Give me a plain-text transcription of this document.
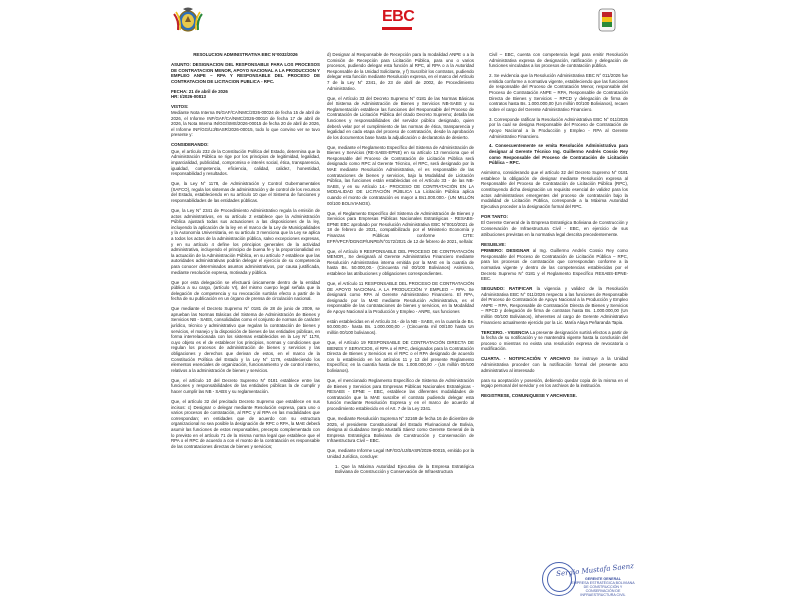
EBC

RESOLUCION ADMINISTRATIVA EBC N°0032/2026

ASUNTO: DESIGNACION DEL RESPONSABLE PARA LOS PROCESOS DE CONTRATACION MENOR, APOYO NACIONAL A LA PRODUCCION Y EMPLEO ANPE – RPA Y RESPONSABLE DEL PROCESO DE CONTRATACION DE LICITACION PUBLICA - RPC.

FECHA: 21 de abril de 2026

HR: I/2026-00813

VISTOS:

Mediante Nota Interna IN/GAF/CA/NMC/2026-00024 de fecha 15 de abril de 2026, el Informe INF/GAF/CA/NMC/2026-00010 de fecha 17 de abril de 2026, la Nota Interna IN/GG/SMS/2026-00015 de fecha 20 de abril de 2026, el Informe INF/GG/UJ/BASR/2026-00015, todo lo que convino ver se tuvo presente y:

CONSIDERANDO:

Que, el artículo 232 de la Constitución Política del Estado, determina que la Administración Pública se rige por los principios de legitimidad, legalidad, imparcialidad, publicidad, compromiso e interés social, ética, transparencia, igualdad, competencia, eficiencia, calidad, calidez, honestidad, responsabilidad y resultados.

Que, la Ley N° 1178, de Administración y Control Gubernamentales (SAFCO), regula los sistemas de administración y de control de los recursos del Estado, estableciendo en su artículo 10 que el Sistema de funciones y responsabilidades de las entidades públicas.

Que, la Ley N° 2341 de Procedimiento Administrativo regula la emisión de actos administrativos, en su artículo 2 establece que la Administración Pública ajustará todas sus actuaciones a las disposiciones de la ley, incluyendo la aplicación de la ley en el marco de la Ley de Municipalidades y la Autonomía Universitaria, en su artículo 3 menciona que la Ley se aplica a todos los actos de la administración pública, salvo excepciones expresas, y en su artículo 4 define los principios generales de la actividad administrativa, incluyendo el principio de buena fe y la proporcionalidad en la actuación de la Administración Pública, en su artículo 7 establece que las autoridades administrativas podrán delegar el ejercicio de su competencia para conocer determinados asuntos administrativos, por causa justificada, mediante resolución expresa, motivada y pública.

Que por esta delegación se efectuará únicamente dentro de la entidad pública a su cargo, (artículo VI), del mismo cuerpo legal señala que la delegación de competencia y su revocación surtirán efecto a partir de la fecha de su publicación en un órgano de prensa de circulación nacional.

Que mediante el Decreto Supremo N° 0181 de 28 de junio de 2009, se aprueban las Normas Básicas del Sistema de Administración de Bienes y Servicios NB - SABS, consolidadas como el conjunto de normas de carácter jurídico, técnico y administrativo que regulan la contratación de bienes y servicios, el manejo y la disposición de bienes de las entidades públicas, en forma interrelacionada con los sistemas establecidos en la Ley N° 1178, cuyo objeto es el de establecer los principios, normas y condiciones que regulan los procesos de administración de bienes y servicios y las obligaciones y derechos que derivan de estos, en el marco de la Constitución Política del Estado y la Ley N° 1178, estableciendo los elementos esenciales de organización, funcionamiento y de control interno, relativos a la administración de bienes y servicios.

Que, el artículo 10 del Decreto Supremo N° 0181 establece entre las funciones y responsabilidades de las entidades públicas la de cumplir y hacer cumplir las NB - SABS y su reglamentación.

Que, el artículo 32 del precitado Decreto Supremo que establece en sus incisos: c) Designar o delegar mediante Resolución expresa, para uno o varios procesos de contratación, al RPC y al RPA en las modalidades que correspondan; en entidades que de acuerdo con su estructura organizacional no sea posible la designación de RPC o RPA, la MAE deberá asumir las funciones de estos responsables, precepto complementado con lo previsto en el artículo 71 de la misma norma legal que establece que el RPA o el RPC de acuerdo a con el monto de la contratación es responsable de las contrataciones directas de bienes y servicios;

d) Designar al Responsable de Recepción para la modalidad ANPE o a la Comisión de Recepción para Licitación Pública, para uno o varios procesos, pudiendo delegar esta función al RPC, al RPA o a la Autoridad Responsable de la Unidad Solicitante, y f) Suscribir los contratos, pudiendo delegar esta función mediante Resolución expresa, en el marco del Artículo 7 de la Ley N° 2341, de 23 de abril de 2002, de Procedimiento Administrativo.

Que, el Artículo 33 del Decreto Supremo N° 0181 de las Normas Básicas del Sistema de Administración de Bienes y Servicios NB-SABS y su Reglamentación establece las funciones del Responsable del Proceso de Contratación de Licitación Pública del citado Decreto Supremo; detalla las funciones y responsabilidades del servidor público designado, quien deberá velar por el cumplimiento de las normas de ética, transparencia y legalidad en cada etapa del proceso de contratación, desde la aprobación de los documentos base hasta la adjudicación o declaratoria de desierto.

Que, mediante el Reglamento Específico del Sistema de Administración de Bienes y Servicios (RE-SABS-EPNE) en su artículo 13 menciona que el Responsable del Proceso de Contratación de Licitación Pública será designado como RPC al Gerente Técnico, el RPC, será designado por la MAE mediante Resolución Administrativa, el es responsable de las contrataciones de bienes y servicios, bajo la Modalidad de Licitación Pública, las funciones están establecidas en el Artículo 33 - de las NB-SABS, y en su Artículo 14.- PROCESO DE CONTRATACIÓN EN LA MODALIDAD DE LICITACIÓN PÚBLICA La Licitación Pública aplica cuando el monto de contratación es mayor a Bs1.000.000.- (UN MILLÓN 00/100 BOLIVIANOS).

Que, el Reglamento Específico del Sistema de Administración de Bienes y Servicios para Empresas Públicas Nacionales Estratégicas - RESABS-EPNE EBC aprobado por Resolución Administrativa EBC N°0010/2021 de 18 de febrero de 2021, compatibilizado por el Ministerio Economía y Finanzas Públicas conforme CITE: EFP/VPCF/DGNGP/UNPE/N°0172/2021 de 12 de febrero de 2021, señala:

Que, el Artículo 9 RESPONSABLE DEL PROCESO DE CONTRATACIÓN MENOR,, Se designará al Gerente Administrativo Financiero mediante Resolución Administrativa interna emitida por la MAE en la cuantía de hasta Bs. 50.000,00.- (Cincuenta mil 00/100 Bolivianos) Asimismo, establece las atribuciones y obligaciones correspondientes.

Que, el Artículo 11 RESPONSABLE DEL PROCESO DE CONTRATACIÓN DE APOYO NACIONAL A LA PRODUCCIÓN Y EMPLEO – RPA. Se designará como RPA al Gerente Administrativo Financiero. El RPA, designado por la MAE mediante Resolución Administrativa, es el responsable de las contrataciones de bienes y servicios, en la Modalidad de Apoyo Nacional a la Producción y Empleo - ANPE, sus funciones

están establecidas en el Artículo 34.- de la NB - SABS, en la cuantía de Bs. 50.000,00.- hasta Bs. 1.000.000,00 .- (Cincuenta mil 00/100 hasta Un millón 00/100 bolivianos).

Que, el Artículo 19 RESPONSABLE DE CONTRATACIÓN DIRECTA DE BIENES Y SERVICIOS, el RPA o el RPC, designados para la Contratación Directa de Bienes y Servicios es el RPC o el RPA designado de acuerdo con lo establecido en los artículos 11 y 13 del presente Reglamento Específico; en la cuantía hasta de Bs. 1.000.000,00 .- (Un millón 00/100 bolivianos).

Que, el mencionado Reglamento Específico de Sistema de Administración de Bienes y Servicios para Empresas Públicas Nacionales Estratégicas - RESABS - EPNE – EBC, establece las diferentes modalidades de contratación que la MAE suscribe el contrato pudiendo delegar esta función mediante Resolución Expresa y en el marco de acuerdo al procedimiento establecido en el Art. 7 de la Ley 2341.

Que, mediante Resolución Suprema N° 32169 de fecha 16 de diciembre de 2025, el presidente Constitucional del Estado Plurinacional de Bolivia, designa al ciudadano Sergio Mustafá Sáenz como Gerente General de la Empresa Estratégica Boliviana de Construcción y Conservación de Infraestructura Civil – EBC.

Que, mediante Informe Legal INF/GG/UJ/BASR/2026-00015, emitido por la Unidad Jurídica, concluye:

1. Que la Máxima Autoridad Ejecutiva de la Empresa Estratégica Boliviana de Construcción y Conservación de Infraestructura

Civil – EBC, cuenta con competencia legal para emitir Resolución Administrativa expresa de designación, ratificación y delegación de funciones vinculadas a los procesos de contratación pública.

2. Se evidencia que la Resolución Administrativa EBC N° 011/2026 fue emitida conforme a normativa vigente, estableciendo que las funciones de responsable del Proceso de Contratación Menor, responsable del Proceso de Contratación ANPE – RPA, Responsable de Contratación Directa de Bienes y Servicios – RPCD y delegación de firma de contratos hasta Bs. 1.000.000,00 (Un millón 00/100 Bolivianos), recaen sobre el cargo del Gerente Administrativo Financiero.

3. Corresponde ratificar la Resolución Administrativa EBC N° 011/2026 por la cual se designa Responsable del Proceso de Contratación de Apoyo Nacional a la Producción y Empleo - RPA al Gerente Administrativo Financiero.

4. Consecuentemente se emita Resolución Administrativa para designar al Gerente Técnico Ing. Guillermo Andrés Cossio Rey como Responsable del Proceso de Contratación de Licitación Pública – RPC.

Asimismo, considerando que el artículo 32 del Decreto Supremo N° 0181 establece la obligación de designar mediante Resolución expresa al Responsable del Proceso de Contratación de Licitación Pública (RPC), constituyendo dicha designación un requisito esencial de validez para los actos administrativos emergentes del proceso de contratación bajo la modalidad de Licitación Pública, corresponde a la Máxima Autoridad Ejecutiva proceder a la designación formal del RPC.

POR TANTO:

El Gerente General de la Empresa Estratégica Boliviana de Construcción y Conservación de Infraestructura Civil - EBC, en ejercicio de sus atribuciones previstas en la normativa legal descrita precedentemente.

RESUELVE:

PRIMERO: DESIGNAR al Ing. Guillermo Andrés Cossio Rey como Responsable del Proceso de Contratación de Licitación Pública – RPC, para los procesos de contratación que correspondan conforme a la normativa vigente y dentro de las competencias establecidas por el Decreto Supremo N° 0181 y el Reglamento Específico RESABS-EPNE-EBC.

SEGUNDO: RATIFICAR la vigencia y validez de la Resolución Administrativa EBC N° 011/2026 respecto a las funciones de Responsable del Proceso de Contratación de Apoyo Nacional a la Producción y Empleo ANPE – RPA, Responsable de Contratación Directa de Bienes y Servicios – RPCD y delegación de firma de contratos hasta Bs. 1.000.000,00 (Un millón 00/100 Bolivianos), inherentes al cargo de Gerente Administrativo Financiero actualmente ejercido por la Lic. María Alaya Peñaranda Tapia.

TERCERO. - VIGENCIA La presente designación surtirá efectos a partir de la fecha de su notificación y se mantendrá vigente hasta la conclusión del proceso o mientras no exista una resolución expresa de revocatoria o modificación.

CUARTA. - NOTIFICACIÓN Y ARCHIVO Se instruye a la Unidad Administrativa proceder con la notificación formal del presente acto administrativo al interesado

para su aceptación y posesión, debiendo quedar copia de la misma en el legajo personal del servidor y en los archivos de la institución.

REGISTRESE, COMUNIQUESE Y ARCHIVESE.

Sergio Mustafa Saenz
GERENTE GENERAL
EMPRESA ESTRATÉGICA BOLIVIANA DE CONSTRUCCIÓN Y
CONSERVACIÓN DE INFRAESTRUCTURA CIVIL
